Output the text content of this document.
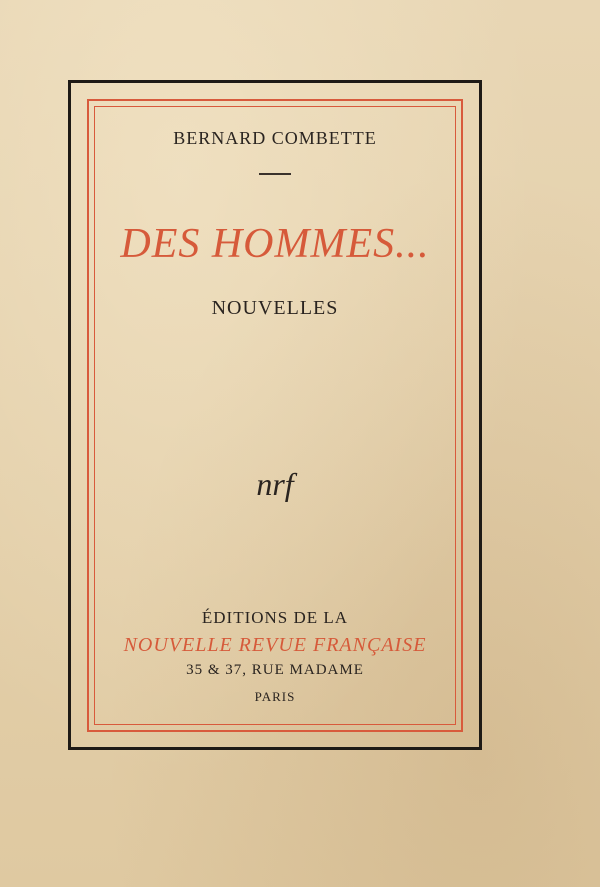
BERNARD COMBETTE
DES HOMMES...
NOUVELLES
nrf
ÉDITIONS DE LA
NOUVELLE REVUE FRANÇAISE
35 & 37, RUE MADAME
PARIS
